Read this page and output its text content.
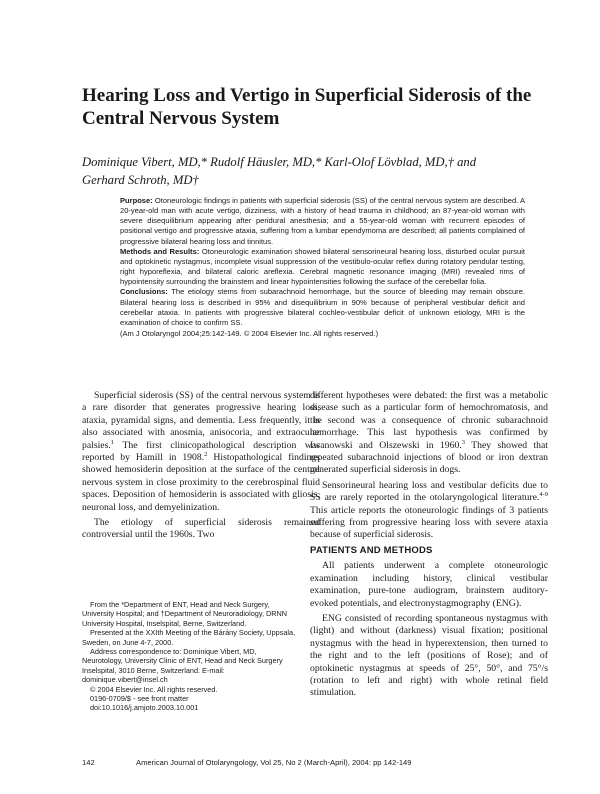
Hearing Loss and Vertigo in Superficial Siderosis of the Central Nervous System
Dominique Vibert, MD,* Rudolf Häusler, MD,* Karl-Olof Lövblad, MD,† and
Gerhard Schroth, MD†

Purpose: Otoneurologic findings in patients with superficial siderosis (SS) of the central nervous system are described. A 20-year-old man with acute vertigo, dizziness, with a history of head trauma in childhood; an 87-year-old woman with severe disequilibrium appearing after peridural anesthesia; and a 55-year-old woman with recurrent episodes of positional vertigo and progressive ataxia, suffering from a lumbar ependymoma are described; all patients complained of progressive bilateral hearing loss and tinnitus.

Methods and Results: Otoneurologic examination showed bilateral sensorineural hearing loss, disturbed ocular pursuit and optokinetic nystagmus, incomplete visual suppression of the vestibulo-ocular reflex during rotatory pendular testing, right hyporeflexia, and bilateral caloric areflexia. Cerebral magnetic resonance imaging (MRI) revealed rims of hypointensity surrounding the brainstem and linear hypointensities following the surface of the cerebellar folia.

Conclusions: The etiology stems from subarachnoid hemorrhage, but the source of bleeding may remain obscure. Bilateral hearing loss is described in 95% and disequilibrium in 90% because of peripheral vestibular deficit and cerebellar ataxia. In patients with progressive bilateral cochleo-vestibular deficit of unknown etiology, MRI is the examination of choice to confirm SS.

(Am J Otolaryngol 2004;25:142-149. © 2004 Elsevier Inc. All rights reserved.)

Superficial siderosis (SS) of the central nervous system is a rare disorder that generates progressive hearing loss, ataxia, pyramidal signs, and dementia. Less frequently, it is also associated with anosmia, anisocoria, and extraocular palsies.$^1$ The first clinicopathological description was reported by Hamill in 1908.$^2$ Histopathological findings showed hemosiderin deposition at the surface of the central nervous system in close proximity to the cerebrospinal fluid spaces. Deposition of hemosiderin is associated with gliosis, neuronal loss, and demyelinization.

The etiology of superficial siderosis remained controversial until the 1960s. Two

different hypotheses were debated: the first was a metabolic disease such as a particular form of hemochromatosis, and the second was a consequence of chronic subarachnoid hemorrhage. This last hypothesis was confirmed by Iwanowski and Olszewski in 1960.$^3$ They showed that repeated subarachnoid injections of blood or iron dextran generated superficial siderosis in dogs.

Sensorineural hearing loss and vestibular deficits due to SS are rarely reported in the otolaryngological literature.$^{4-9}$ This article reports the otoneurologic findings of 3 patients suffering from progressive hearing loss with severe ataxia because of superficial siderosis.

PATIENTS AND METHODS

All patients underwent a complete otoneurologic examination including history, clinical vestibular examination, pure-tone audiogram, brainstem auditory-evoked potentials, and electronystagmography (ENG).

ENG consisted of recording spontaneous nystagmus with (light) and without (darkness) visual fixation; positional nystagmus with the head in hyperextension, then turned to the right and to the left (positions of Rose); and of optokinetic nystagmus at speeds of 25°, 50°, and 75°/s (rotation to left and right) with whole retinal field stimulation.

From the *Department of ENT, Head and Neck Surgery, University Hospital; and †Department of Neuroradiology, DRNN University Hospital, Inselspital, Berne, Switzerland.

Presented at the XXIth Meeting of the Bárány Society, Uppsala, Sweden, on June 4-7, 2000.

Address correspondence to: Dominique Vibert, MD, Neurotology, University Clinic of ENT, Head and Neck Surgery Inselspital, 3010 Berne, Switzerland. E-mail: dominique.vibert@insel.ch

© 2004 Elsevier Inc. All rights reserved.

0196-0709/$ - see front matter

doi:10.1016/j.amjoto.2003.10.001

142	American Journal of Otolaryngology, Vol 25, No 2 (March-April), 2004: pp 142-149
